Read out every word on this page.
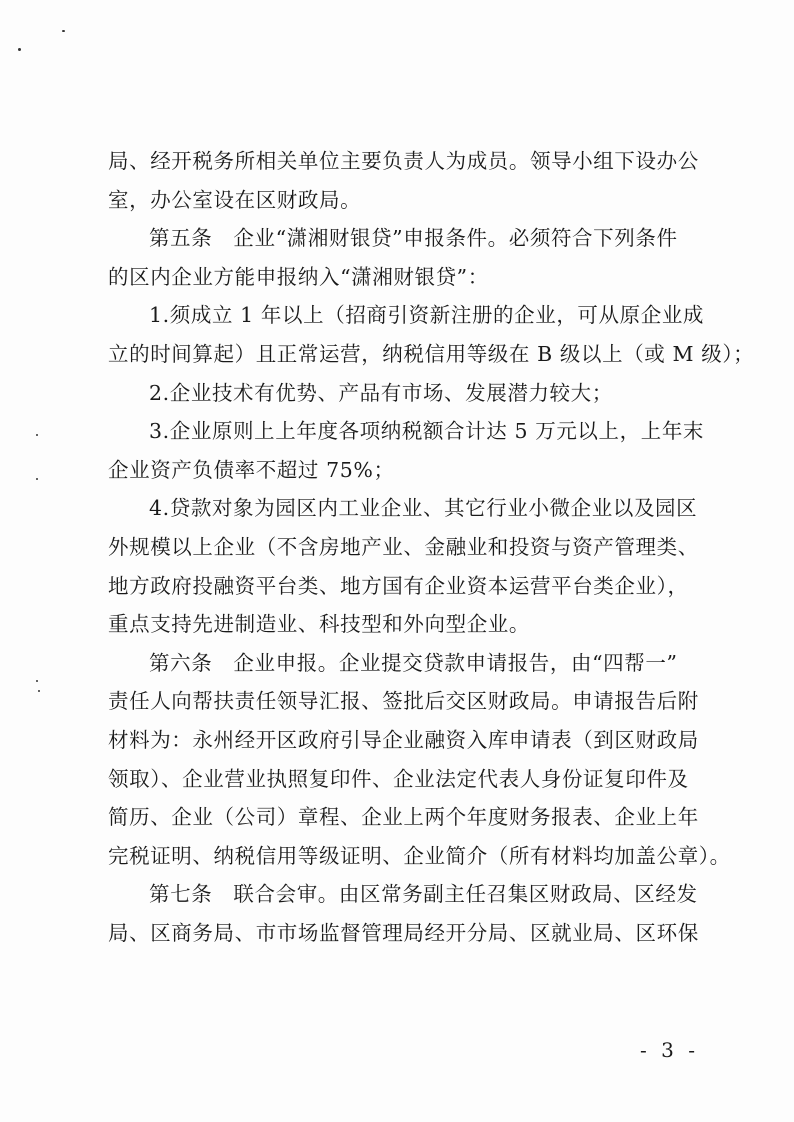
局、经开税务所相关单位主要负责人为成员。领导小组下设办公
室，办公室设在区财政局。
第五条　企业“潇湘财银贷”申报条件。必须符合下列条件
的区内企业方能申报纳入“潇湘财银贷”：
1.须成立 1 年以上（招商引资新注册的企业，可从原企业成
立的时间算起）且正常运营，纳税信用等级在 B 级以上（或 M 级）；
2.企业技术有优势、产品有市场、发展潜力较大；
3.企业原则上上年度各项纳税额合计达 5 万元以上，上年末
企业资产负债率不超过 75%；
4.贷款对象为园区内工业企业、其它行业小微企业以及园区
外规模以上企业（不含房地产业、金融业和投资与资产管理类、
地方政府投融资平台类、地方国有企业资本运营平台类企业），
重点支持先进制造业、科技型和外向型企业。
第六条　企业申报。企业提交贷款申请报告，由“四帮一”
责任人向帮扶责任领导汇报、签批后交区财政局。申请报告后附
材料为：永州经开区政府引导企业融资入库申请表（到区财政局
领取）、企业营业执照复印件、企业法定代表人身份证复印件及
简历、企业（公司）章程、企业上两个年度财务报表、企业上年
完税证明、纳税信用等级证明、企业简介（所有材料均加盖公章）。
第七条　联合会审。由区常务副主任召集区财政局、区经发
局、区商务局、市市场监督管理局经开分局、区就业局、区环保
- 3 -
